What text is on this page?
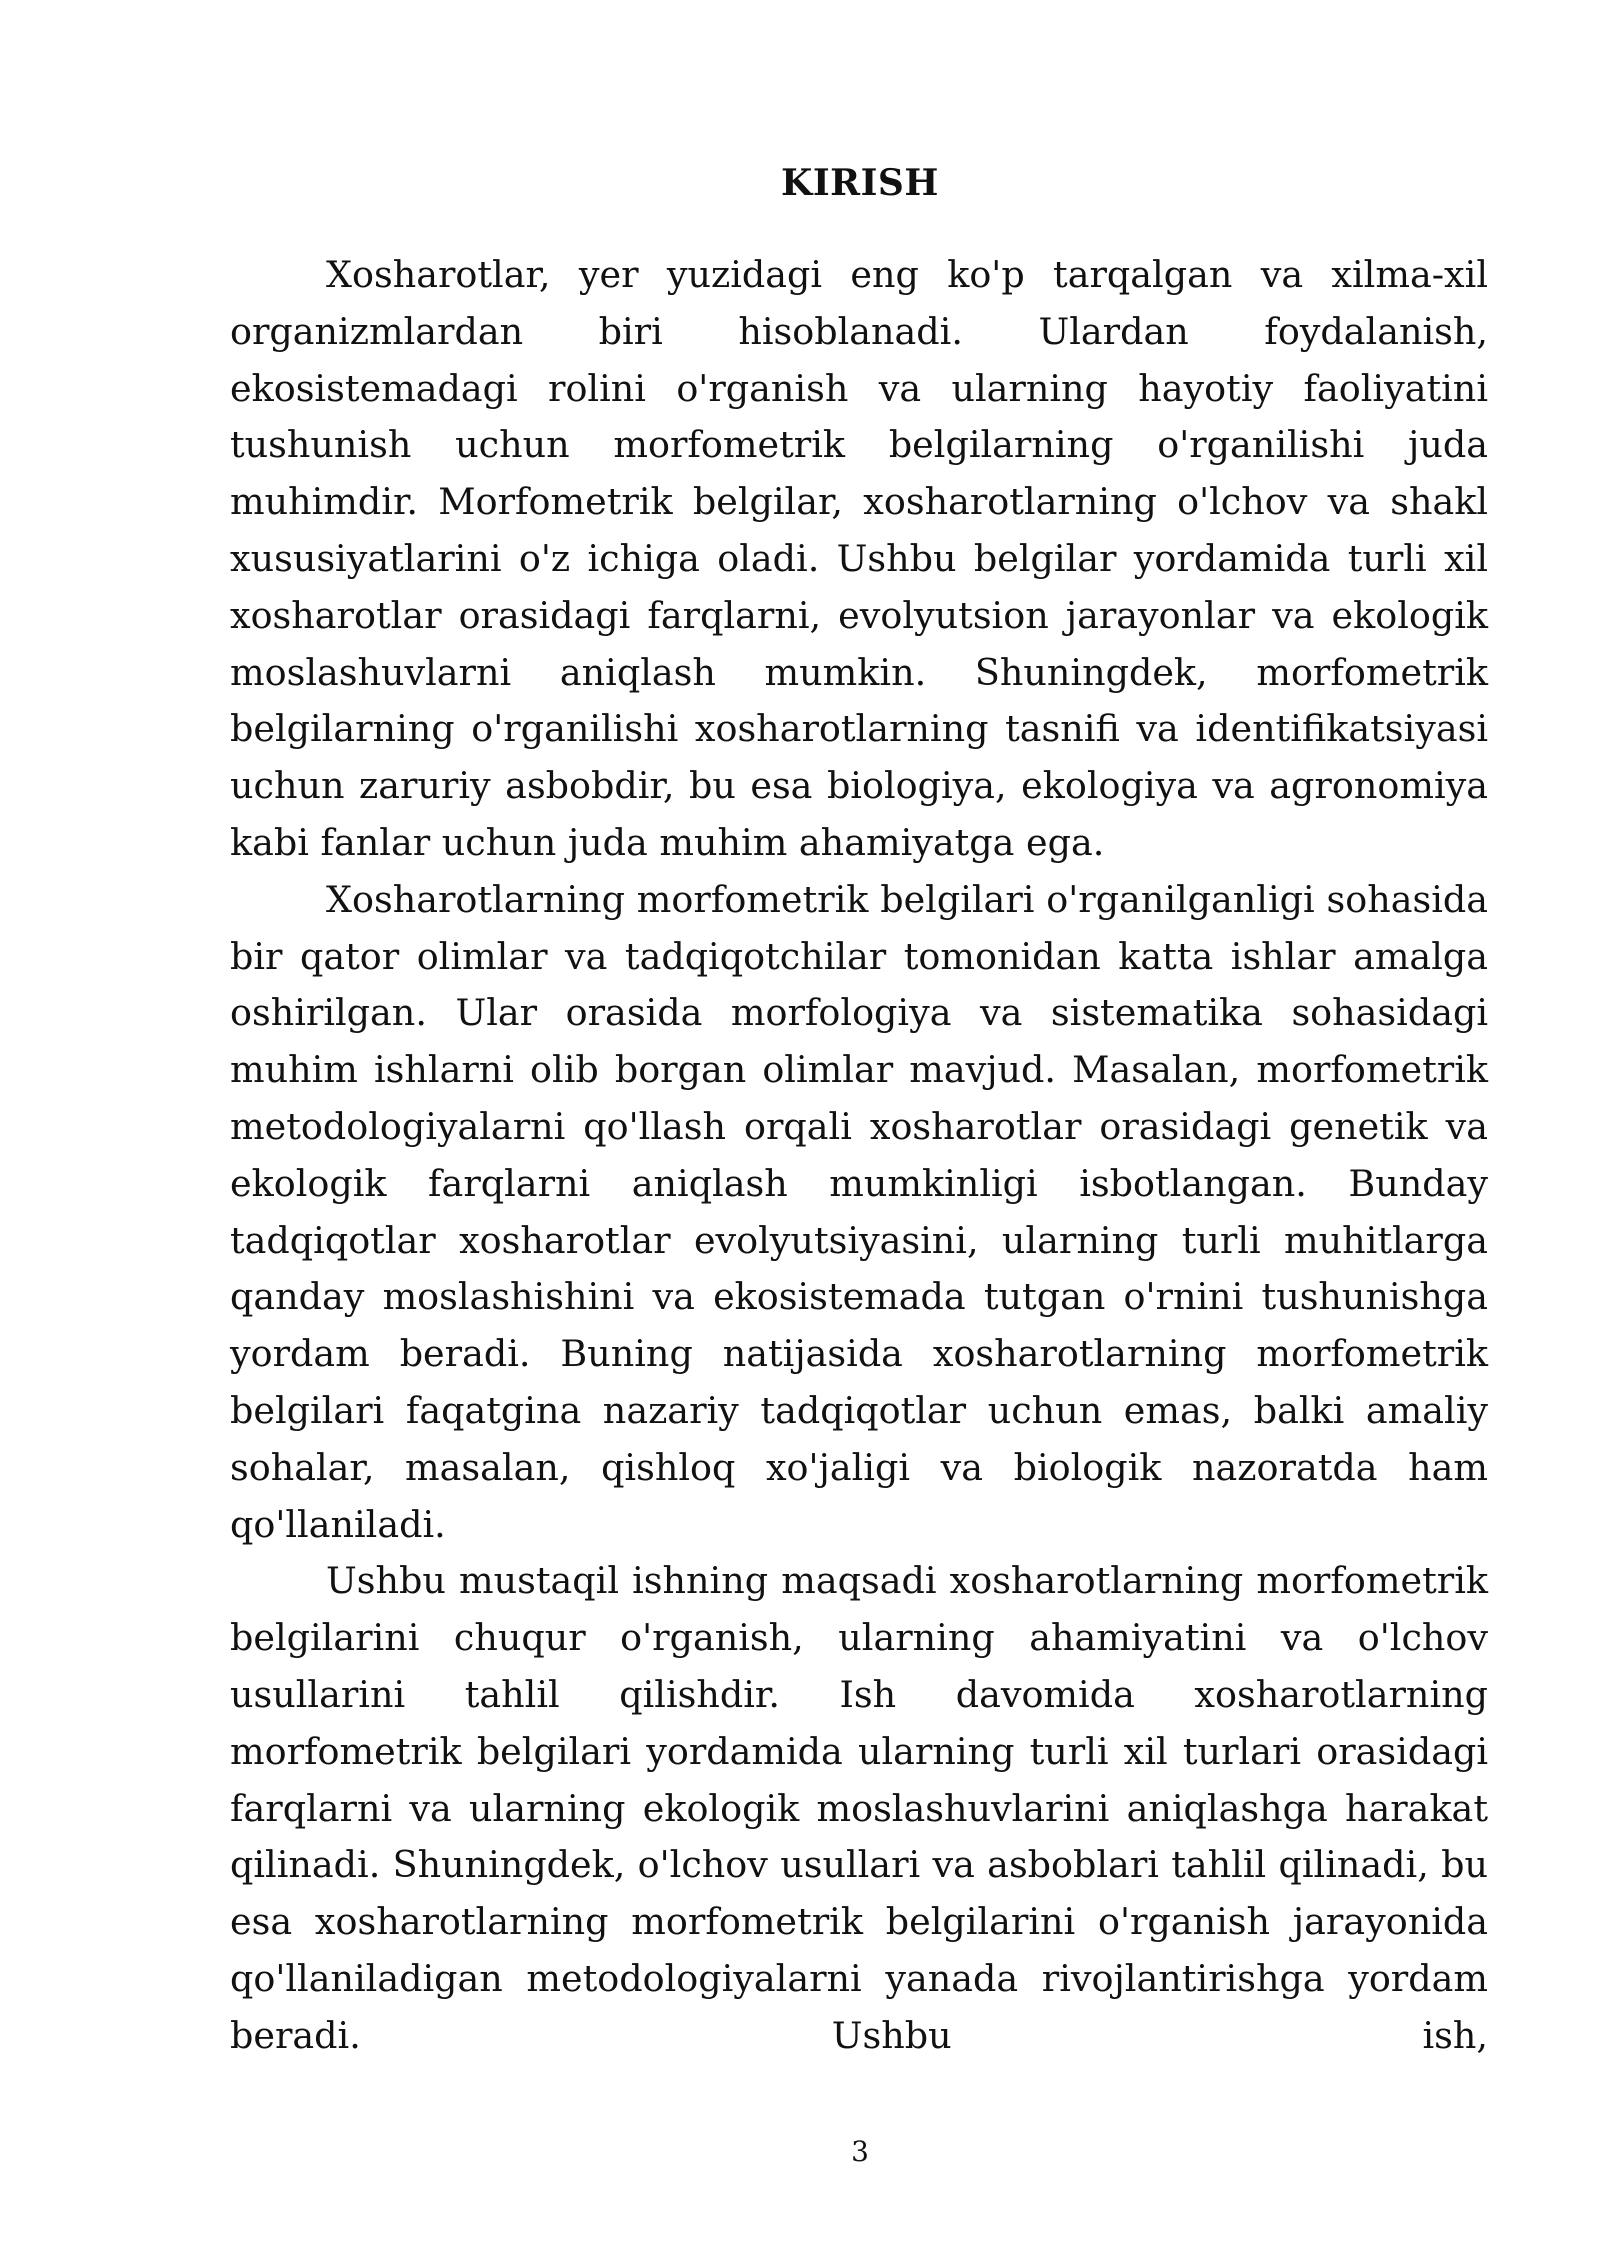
KIRISH

Xosharotlar, yer yuzidagi eng ko'p tarqalgan va xilma-xil organizmlardan biri hisoblanadi. Ulardan foydalanish, ekosistemadagi rolini o'rganish va ularning hayotiy faoliyatini tushunish uchun morfometrik belgilarning o'rganilishi juda muhimdir. Morfometrik belgilar, xosharotlarning o'lchov va shakl xususiyatlarini o'z ichiga oladi. Ushbu belgilar yordamida turli xil xosharotlar orasidagi farqlarni, evolyutsion jarayonlar va ekologik moslashuvlarni aniqlash mumkin. Shuningdek, morfometrik belgilarning o'rganilishi xosharotlarning tasnifi va identifikatsiyasi uchun zaruriy asbobdir, bu esa biologiya, ekologiya va agronomiya kabi fanlar uchun juda muhim ahamiyatga ega.

Xosharotlarning morfometrik belgilari o'rganilganligi sohasida bir qator olimlar va tadqiqotchilar tomonidan katta ishlar amalga oshirilgan. Ular orasida morfologiya va sistematika sohasidagi muhim ishlarni olib borgan olimlar mavjud. Masalan, morfometrik metodologiyalarni qo'llash orqali xosharotlar orasidagi genetik va ekologik farqlarni aniqlash mumkinligi isbotlangan. Bunday tadqiqotlar xosharotlar evolyutsiyasini, ularning turli muhitlarga qanday moslashishini va ekosistemada tutgan o'rnini tushunishga yordam beradi. Buning natijasida xosharotlarning morfometrik belgilari faqatgina nazariy tadqiqotlar uchun emas, balki amaliy sohalar, masalan, qishloq xo'jaligi va biologik nazoratda ham qo'llaniladi.

Ushbu mustaqil ishning maqsadi xosharotlarning morfometrik belgilarini chuqur o'rganish, ularning ahamiyatini va o'lchov usullarini tahlil qilishdir. Ish davomida xosharotlarning morfometrik belgilari yordamida ularning turli xil turlari orasidagi farqlarni va ularning ekologik moslashuvlarini aniqlashga harakat qilinadi. Shuningdek, o'lchov usullari va asboblari tahlil qilinadi, bu esa xosharotlarning morfometrik belgilarini o'rganish jarayonida qo'llaniladigan metodologiyalarni yanada rivojlantirishga yordam beradi. Ushbu ish,

3
